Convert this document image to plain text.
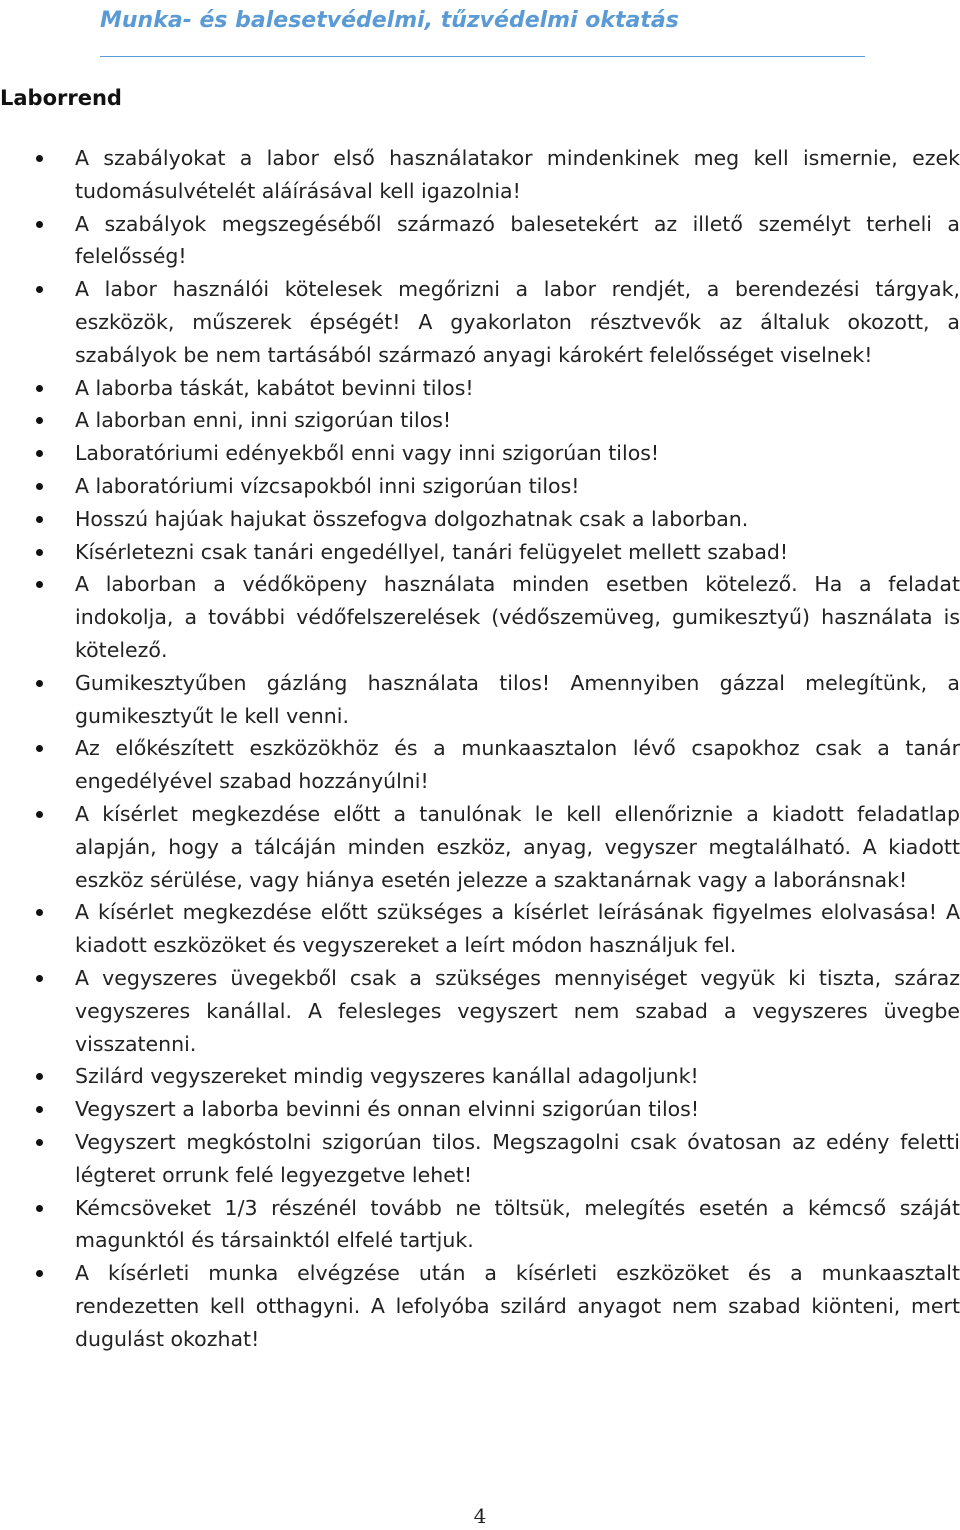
Munka- és balesetvédelmi, tűzvédelmi oktatás
Laborrend
A szabályokat a labor első használatakor mindenkinek meg kell ismernie, ezek tudomásulvételét aláírásával kell igazolnia!
A szabályok megszegéséből származó balesetekért az illető személyt terheli a felelősség!
A labor használói kötelesek megőrizni a labor rendjét, a berendezési tárgyak, eszközök, műszerek épségét! A gyakorlaton résztvevők az általuk okozott, a szabályok be nem tartásából származó anyagi károkért felelősséget viselnek!
A laborba táskát, kabátot bevinni tilos!
A laborban enni, inni szigorúan tilos!
Laboratóriumi edényekből enni vagy inni szigorúan tilos!
A laboratóriumi vízcsapokból inni szigorúan tilos!
Hosszú hajúak hajukat összefogva dolgozhatnak csak a laborban.
Kísérletezni csak tanári engedéllyel, tanári felügyelet mellett szabad!
A laborban a védőköpeny használata minden esetben kötelező. Ha a feladat indokolja, a további védőfelszerelések (védőszemüveg, gumikesztyű) használata is kötelező.
Gumikesztyűben gázláng használata tilos! Amennyiben gázzal melegítünk, a gumikesztyűt le kell venni.
Az előkészített eszközökhöz és a munkaasztalon lévő csapokhoz csak a tanár engedélyével szabad hozzányúlni!
A kísérlet megkezdése előtt a tanulónak le kell ellenőriznie a kiadott feladatlap alapján, hogy a tálcáján minden eszköz, anyag, vegyszer megtalálható. A kiadott eszköz sérülése, vagy hiánya esetén jelezze a szaktanárnak vagy a laboránsnak!
A kísérlet megkezdése előtt szükséges a kísérlet leírásának figyelmes elolvasása! A kiadott eszközöket és vegyszereket a leírt módon használjuk fel.
A vegyszeres üvegekből csak a szükséges mennyiséget vegyük ki tiszta, száraz vegyszeres kanállal. A felesleges vegyszert nem szabad a vegyszeres üvegbe visszatenni.
Szilárd vegyszereket mindig vegyszeres kanállal adagoljunk!
Vegyszert a laborba bevinni és onnan elvinni szigorúan tilos!
Vegyszert megkóstolni szigorúan tilos. Megszagolni csak óvatosan az edény feletti légteret orrunk felé legyezgetve lehet!
Kémcsöveket 1/3 részénél tovább ne töltsük, melegítés esetén a kémcső száját magunktól és társainktól elfelé tartjuk.
A kísérleti munka elvégzése után a kísérleti eszközöket és a munkaasztalt rendezetten kell otthagyni. A lefolyóba szilárd anyagot nem szabad kiönteni, mert dugulást okozhat!
4
